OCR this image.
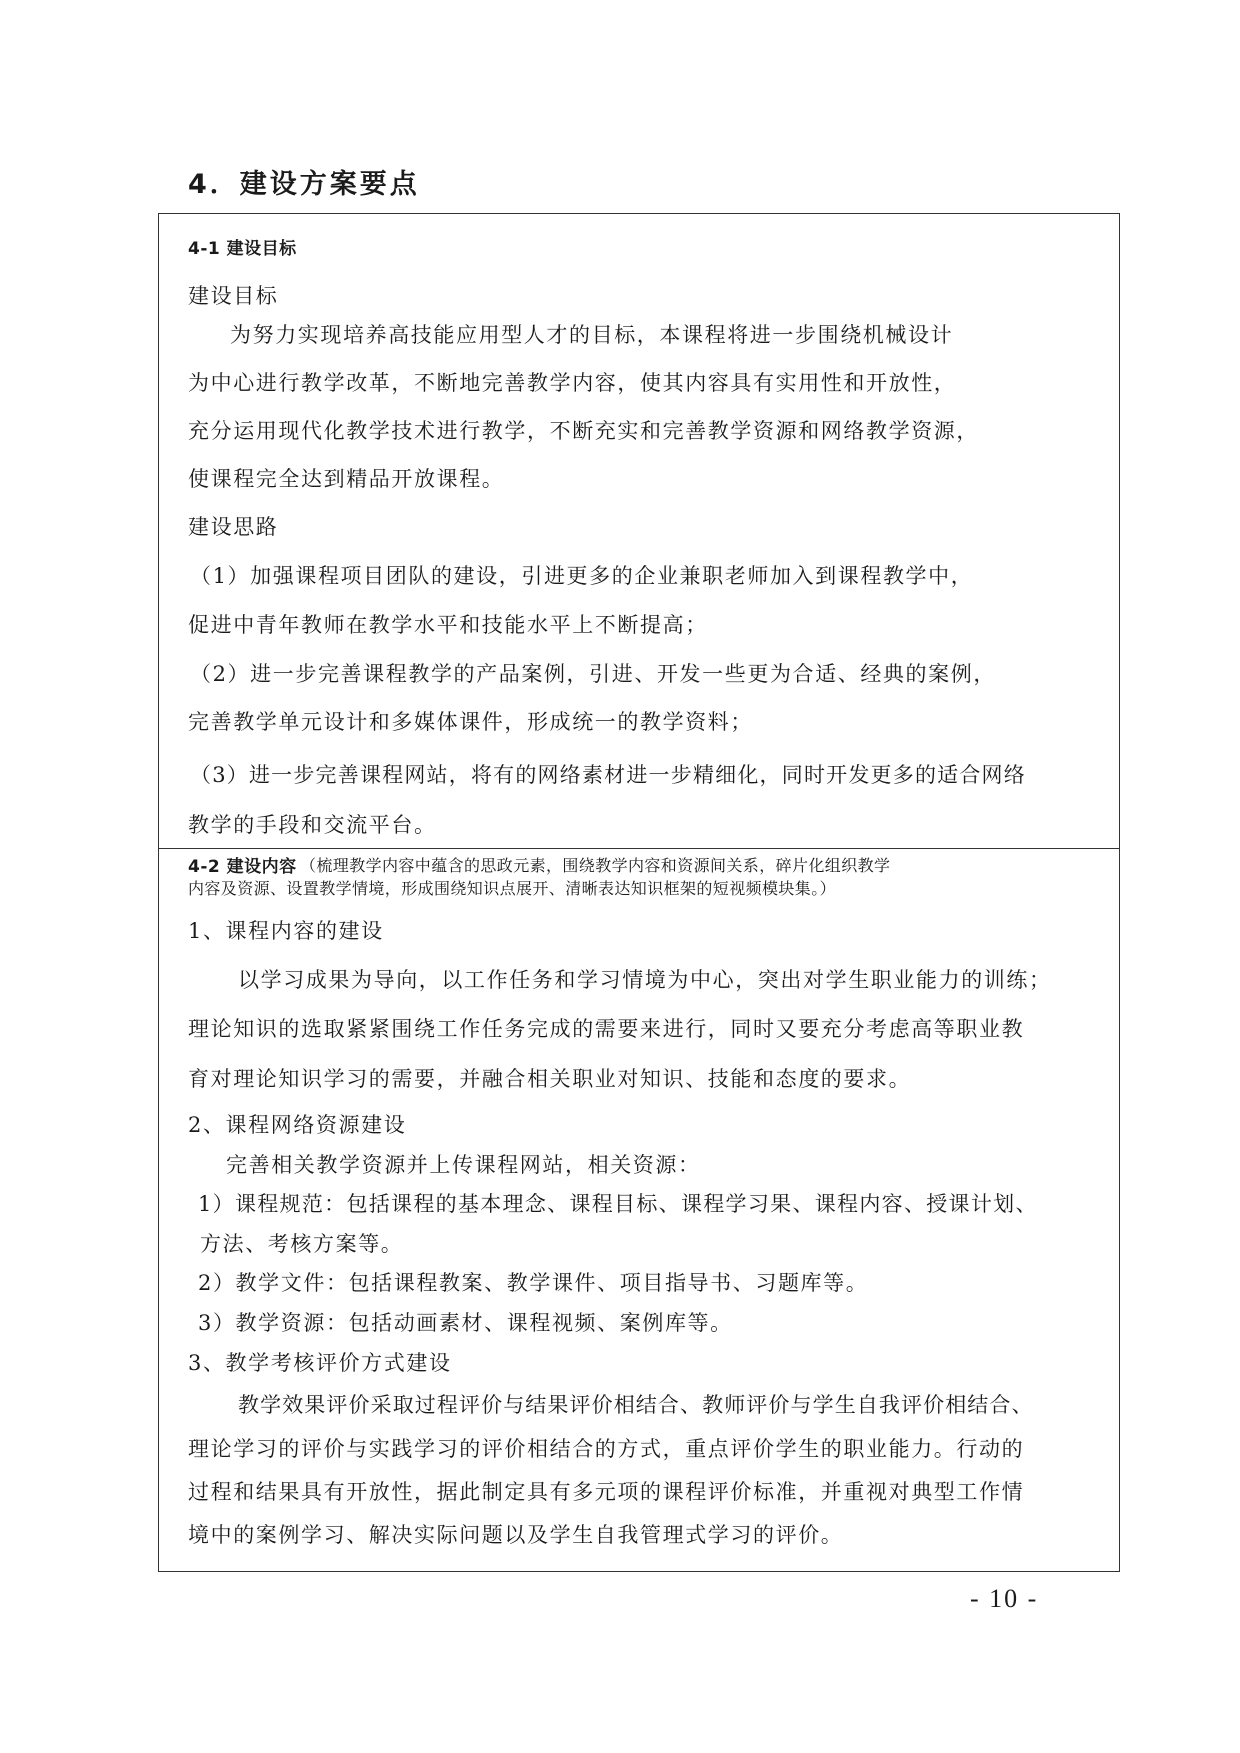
4．建设方案要点
4-1 建设目标
建设目标
为努力实现培养高技能应用型人才的目标，本课程将进一步围绕机械设计
为中心进行教学改革，不断地完善教学内容，使其内容具有实用性和开放性，
充分运用现代化教学技术进行教学，不断充实和完善教学资源和网络教学资源，
使课程完全达到精品开放课程。
建设思路
（1）加强课程项目团队的建设，引进更多的企业兼职老师加入到课程教学中，
促进中青年教师在教学水平和技能水平上不断提高；
（2）进一步完善课程教学的产品案例，引进、开发一些更为合适、经典的案例，
完善教学单元设计和多媒体课件，形成统一的教学资料；
（3）进一步完善课程网站，将有的网络素材进一步精细化，同时开发更多的适合网络
教学的手段和交流平台。
4-2 建设内容 （梳理教学内容中蕴含的思政元素，围绕教学内容和资源间关系，碎片化组织教学
内容及资源、设置教学情境，形成围绕知识点展开、清晰表达知识框架的短视频模块集。）
1、课程内容的建设
以学习成果为导向，以工作任务和学习情境为中心，突出对学生职业能力的训练；
理论知识的选取紧紧围绕工作任务完成的需要来进行，同时又要充分考虑高等职业教
育对理论知识学习的需要，并融合相关职业对知识、技能和态度的要求。
2、课程网络资源建设
完善相关教学资源并上传课程网站，相关资源：
1）课程规范：包括课程的基本理念、课程目标、课程学习果、课程内容、授课计划、
方法、考核方案等。
2）教学文件：包括课程教案、教学课件、项目指导书、习题库等。
3）教学资源：包括动画素材、课程视频、案例库等。
3、教学考核评价方式建设
教学效果评价采取过程评价与结果评价相结合、教师评价与学生自我评价相结合、
理论学习的评价与实践学习的评价相结合的方式，重点评价学生的职业能力。行动的
过程和结果具有开放性，据此制定具有多元项的课程评价标准，并重视对典型工作情
境中的案例学习、解决实际问题以及学生自我管理式学习的评价。
- 10 -
